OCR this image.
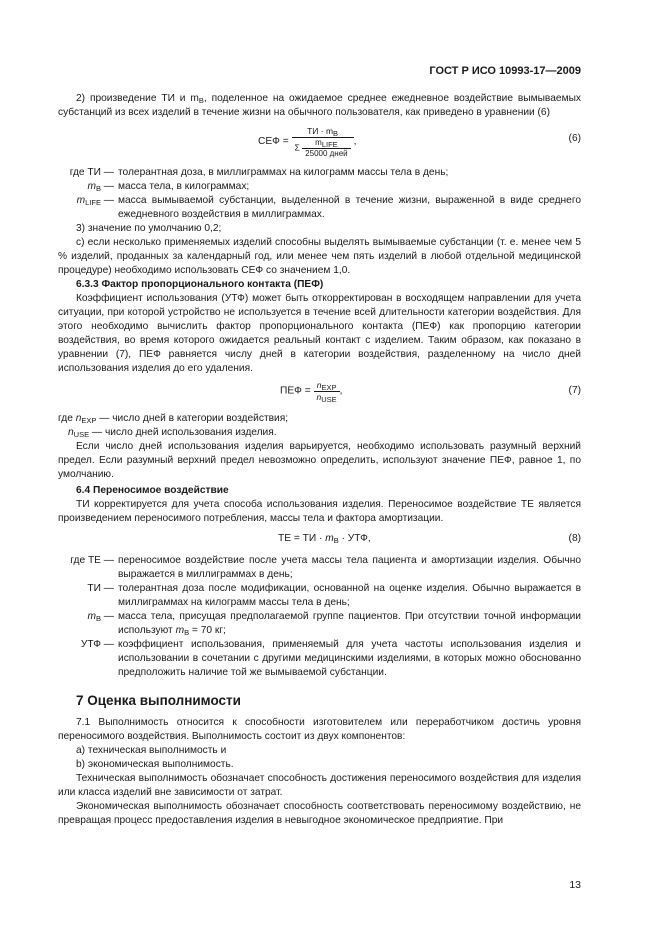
ГОСТ Р ИСО 10993-17—2009

2) произведение ТИ и $m_B$, поделенное на ожидаемое среднее ежедневное воздействие вымываемых субстанций из всех изделий в течение жизни на обычного пользователя, как приведено в уравнении (6)

СЕФ = $\frac{ТИ \cdot m_B}{\Sigma \frac{m_{LIFE}}{\text{25000 дней}}}$ ,	(6)
где ТИ — толерантная доза, в миллиграммах на килограмм массы тела в день;
$m_B$ — масса тела, в килограммах;
$m_{LIFE}$ — масса вымываемой субстанции, выделенной в течение жизни, выраженной в виде среднего ежедневного воздействия в миллиграммах.

3) значение по умолчанию 0,2;

с) если несколько применяемых изделий способны выделять вымываемые субстанции (т. е. менее чем 5 % изделий, проданных за календарный год, или менее чем пять изделий в любой отдельной медицинской процедуре) необходимо использовать СЕФ со значением 1,0.

6.3.3 Фактор пропорционального контакта (ПЕФ)

Коэффициент использования (УТФ) может быть откорректирован в восходящем направлении для учета ситуации, при которой устройство не используется в течение всей длительности категории воздействия. Для этого необходимо вычислить фактор пропорционального контакта (ПЕФ) как пропорцию категории воздействия, во время которого ожидается реальный контакт с изделием. Таким образом, как показано в уравнении (7), ПЕФ равняется числу дней в категории воздействия, разделенному на число дней использования изделия до его удаления.

ПЕФ = $\frac{n_{EXP}}{n_{USE}}$ ,	(7)
где $n_{EXP}$ — число дней в категории воздействия;
$n_{USE}$ — число дней использования изделия.

Если число дней использования изделия варьируется, необходимо использовать разумный верхний предел. Если разумный верхний предел невозможно определить, используют значение ПЕФ, равное 1, по умолчанию.

6.4 Переносимое воздействие

ТИ корректируется для учета способа использования изделия. Переносимое воздействие ТЕ является произведением переносимого потребления, массы тела и фактора амортизации.

ТЕ = ТИ · $m_B$ · УТФ,	(8)
где ТЕ — переносимое воздействие после учета массы тела пациента и амортизации изделия. Обычно выражается в миллиграммах в день;
ТИ — толерантная доза после модификации, основанной на оценке изделия. Обычно выражается в миллиграммах на килограмм массы тела в день;
$m_B$ — масса тела, присущая предполагаемой группе пациентов. При отсутствии точной информации используют $m_B = 70$ кг;
УТФ — коэффициент использования, применяемый для учета частоты использования изделия и использовании в сочетании с другими медицинскими изделиями, в которых можно обоснованно предположить наличие той же вымываемой субстанции.

7 Оценка выполнимости

7.1 Выполнимость относится к способности изготовителем или переработчиком достичь уровня переносимого воздействия. Выполнимость состоит из двух компонентов:

а) техническая выполнимость и

b) экономическая выполнимость.

Техническая выполнимость обозначает способность достижения переносимого воздействия для изделия или класса изделий вне зависимости от затрат.

Экономическая выполнимость обозначает способность соответствовать переносимому воздействию, не превращая процесс предоставления изделия в невыгодное экономическое предприятие. При

13
